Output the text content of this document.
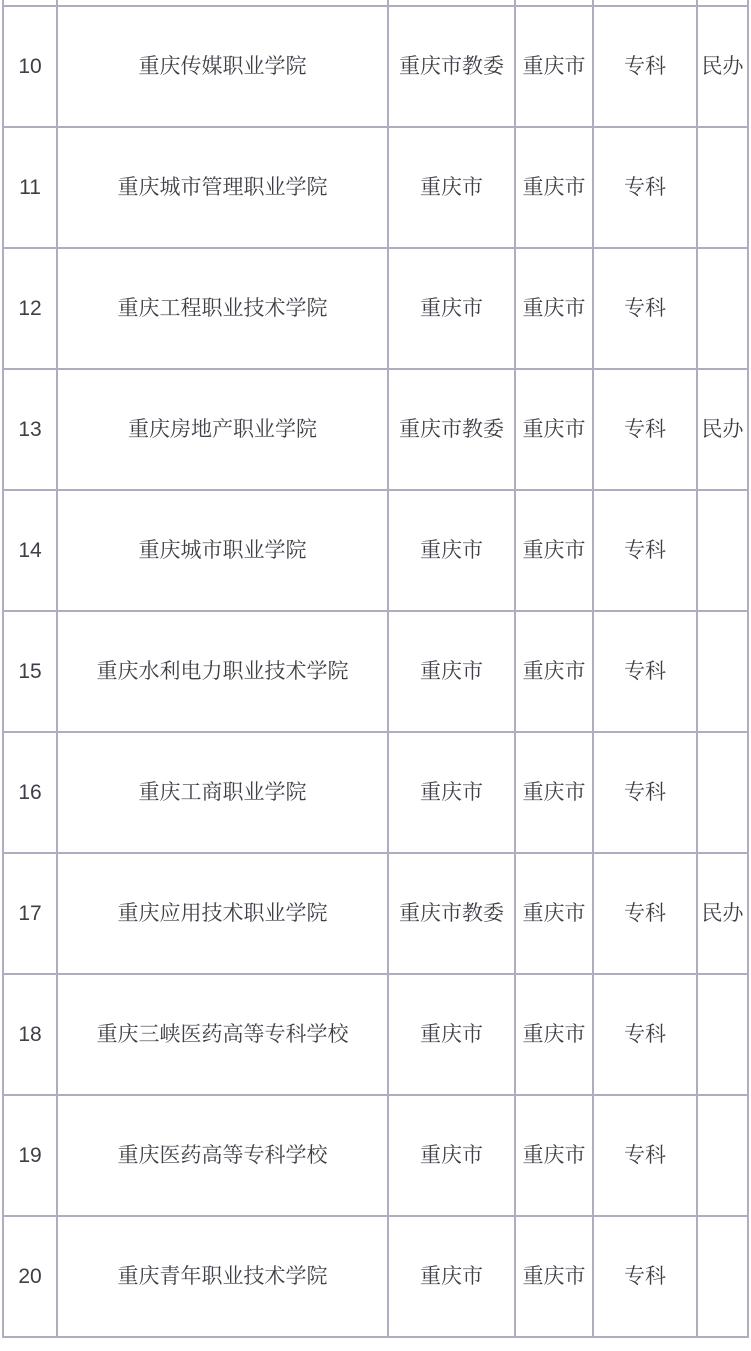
10	重庆传媒职业学院	重庆市教委	重庆市	专科	民办
11	重庆城市管理职业学院	重庆市	重庆市	专科	
12	重庆工程职业技术学院	重庆市	重庆市	专科	
13	重庆房地产职业学院	重庆市教委	重庆市	专科	民办
14	重庆城市职业学院	重庆市	重庆市	专科	
15	重庆水利电力职业技术学院	重庆市	重庆市	专科	
16	重庆工商职业学院	重庆市	重庆市	专科	
17	重庆应用技术职业学院	重庆市教委	重庆市	专科	民办
18	重庆三峡医药高等专科学校	重庆市	重庆市	专科	
19	重庆医药高等专科学校	重庆市	重庆市	专科	
20	重庆青年职业技术学院	重庆市	重庆市	专科	
